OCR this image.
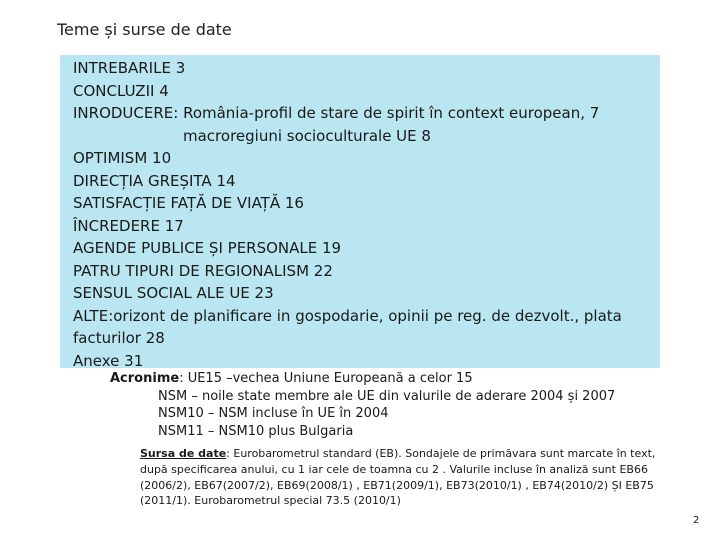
Teme și surse de date
INTREBARILE 3
CONCLUZII 4
INRODUCERE: România-profil de stare de spirit în context european, 7
macroregiuni socioculturale UE 8
OPTIMISM 10
DIRECȚIA GREȘITA 14
SATISFACȚIE FAȚĂ DE VIAȚĂ 16
ÎNCREDERE 17
AGENDE PUBLICE ȘI PERSONALE 19
PATRU TIPURI DE REGIONALISM 22
SENSUL SOCIAL ALE UE 23
ALTE:orizont de planificare in gospodarie, opinii pe reg. de dezvolt., plata
facturilor 28
Anexe 31
Acronime: UE15 –vechea Uniune Europeană a celor 15
NSM – noile state membre ale UE din valurile de aderare 2004 și 2007
NSM10 – NSM incluse în UE în 2004
NSM11 – NSM10 plus Bulgaria
Sursa de date: Eurobarometrul standard (EB). Sondajele de primăvara sunt marcate în text, după specificarea anului, cu 1 iar cele de toamna cu 2 . Valurile incluse în analiză sunt EB66 (2006/2), EB67(2007/2), EB69(2008/1) , EB71(2009/1), EB73(2010/1) , EB74(2010/2) ȘI EB75 (2011/1). Eurobarometrul special 73.5 (2010/1)
2
